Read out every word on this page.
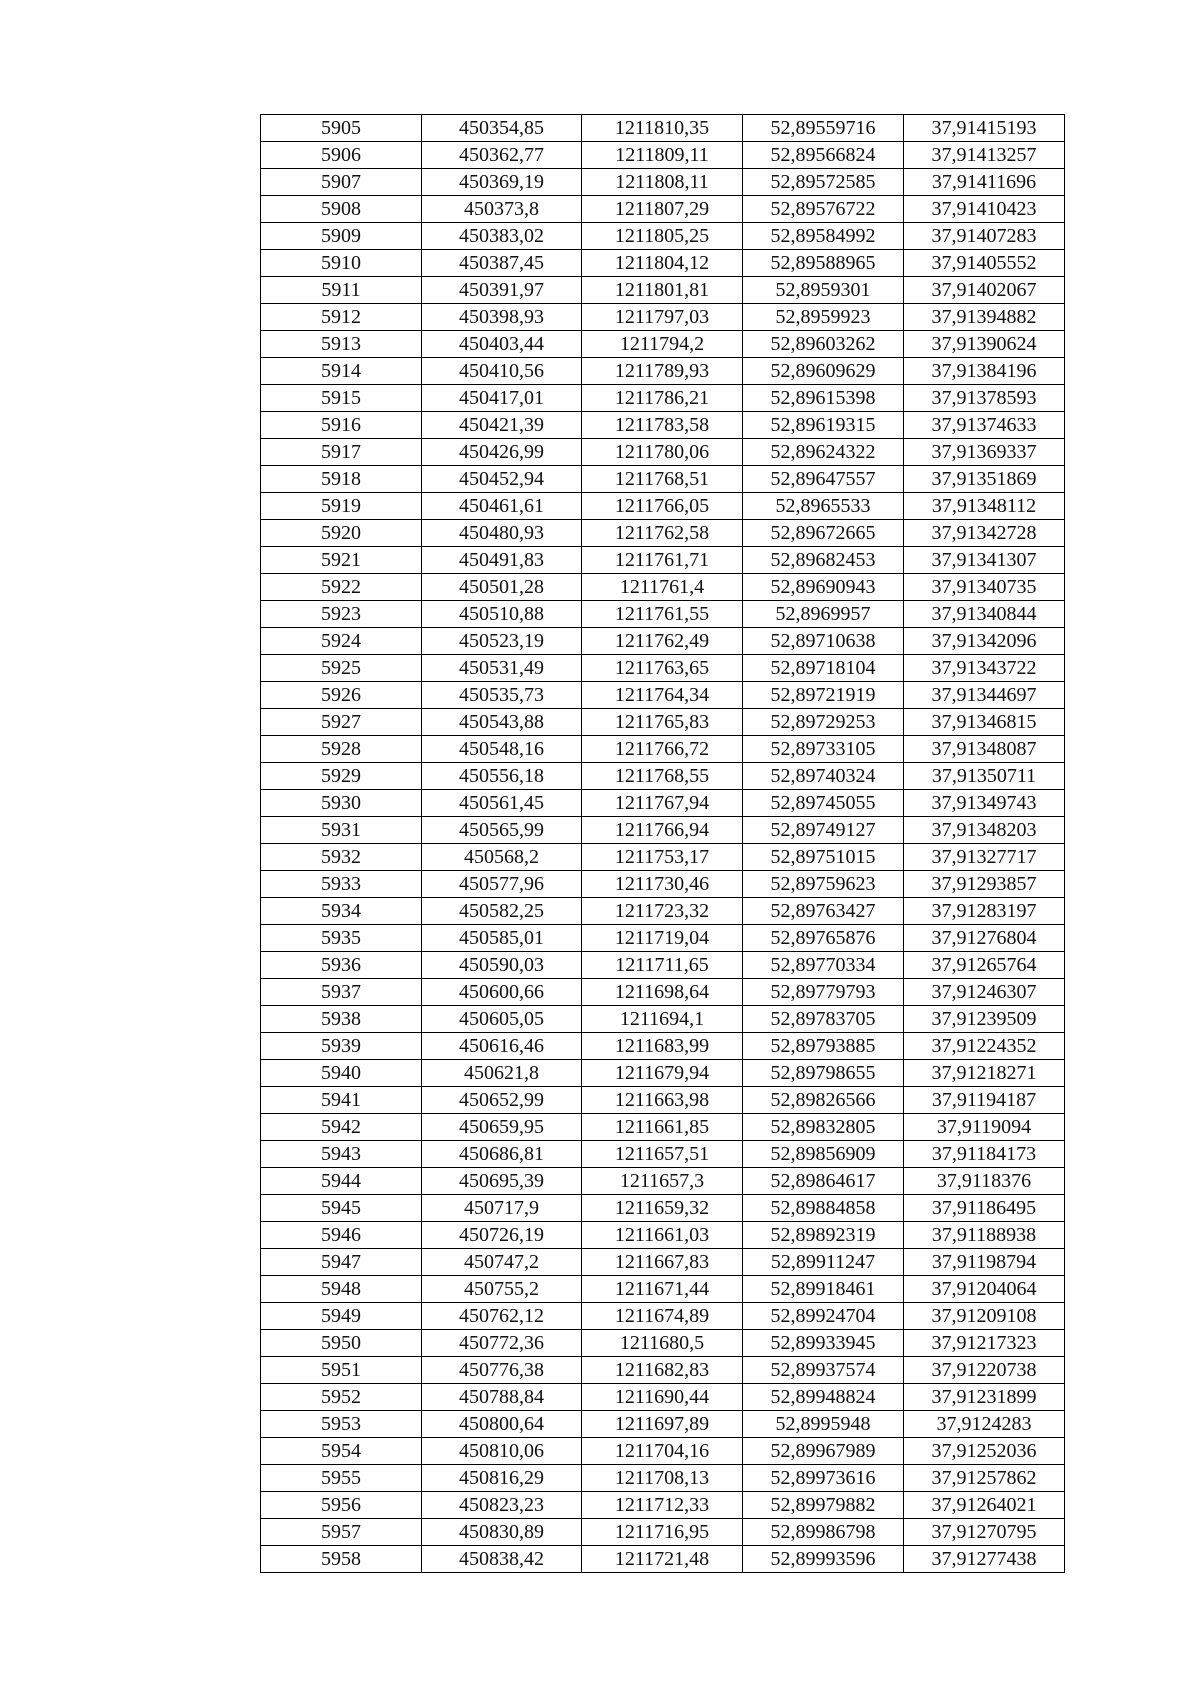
5905	450354,85	1211810,35	52,89559716	37,91415193
5906	450362,77	1211809,11	52,89566824	37,91413257
5907	450369,19	1211808,11	52,89572585	37,91411696
5908	450373,8	1211807,29	52,89576722	37,91410423
5909	450383,02	1211805,25	52,89584992	37,91407283
5910	450387,45	1211804,12	52,89588965	37,91405552
5911	450391,97	1211801,81	52,8959301	37,91402067
5912	450398,93	1211797,03	52,8959923	37,91394882
5913	450403,44	1211794,2	52,89603262	37,91390624
5914	450410,56	1211789,93	52,89609629	37,91384196
5915	450417,01	1211786,21	52,89615398	37,91378593
5916	450421,39	1211783,58	52,89619315	37,91374633
5917	450426,99	1211780,06	52,89624322	37,91369337
5918	450452,94	1211768,51	52,89647557	37,91351869
5919	450461,61	1211766,05	52,8965533	37,91348112
5920	450480,93	1211762,58	52,89672665	37,91342728
5921	450491,83	1211761,71	52,89682453	37,91341307
5922	450501,28	1211761,4	52,89690943	37,91340735
5923	450510,88	1211761,55	52,8969957	37,91340844
5924	450523,19	1211762,49	52,89710638	37,91342096
5925	450531,49	1211763,65	52,89718104	37,91343722
5926	450535,73	1211764,34	52,89721919	37,91344697
5927	450543,88	1211765,83	52,89729253	37,91346815
5928	450548,16	1211766,72	52,89733105	37,91348087
5929	450556,18	1211768,55	52,89740324	37,91350711
5930	450561,45	1211767,94	52,89745055	37,91349743
5931	450565,99	1211766,94	52,89749127	37,91348203
5932	450568,2	1211753,17	52,89751015	37,91327717
5933	450577,96	1211730,46	52,89759623	37,91293857
5934	450582,25	1211723,32	52,89763427	37,91283197
5935	450585,01	1211719,04	52,89765876	37,91276804
5936	450590,03	1211711,65	52,89770334	37,91265764
5937	450600,66	1211698,64	52,89779793	37,91246307
5938	450605,05	1211694,1	52,89783705	37,91239509
5939	450616,46	1211683,99	52,89793885	37,91224352
5940	450621,8	1211679,94	52,89798655	37,91218271
5941	450652,99	1211663,98	52,89826566	37,91194187
5942	450659,95	1211661,85	52,89832805	37,9119094
5943	450686,81	1211657,51	52,89856909	37,91184173
5944	450695,39	1211657,3	52,89864617	37,9118376
5945	450717,9	1211659,32	52,89884858	37,91186495
5946	450726,19	1211661,03	52,89892319	37,91188938
5947	450747,2	1211667,83	52,89911247	37,91198794
5948	450755,2	1211671,44	52,89918461	37,91204064
5949	450762,12	1211674,89	52,89924704	37,91209108
5950	450772,36	1211680,5	52,89933945	37,91217323
5951	450776,38	1211682,83	52,89937574	37,91220738
5952	450788,84	1211690,44	52,89948824	37,91231899
5953	450800,64	1211697,89	52,8995948	37,9124283
5954	450810,06	1211704,16	52,89967989	37,91252036
5955	450816,29	1211708,13	52,89973616	37,91257862
5956	450823,23	1211712,33	52,89979882	37,91264021
5957	450830,89	1211716,95	52,89986798	37,91270795
5958	450838,42	1211721,48	52,89993596	37,91277438
